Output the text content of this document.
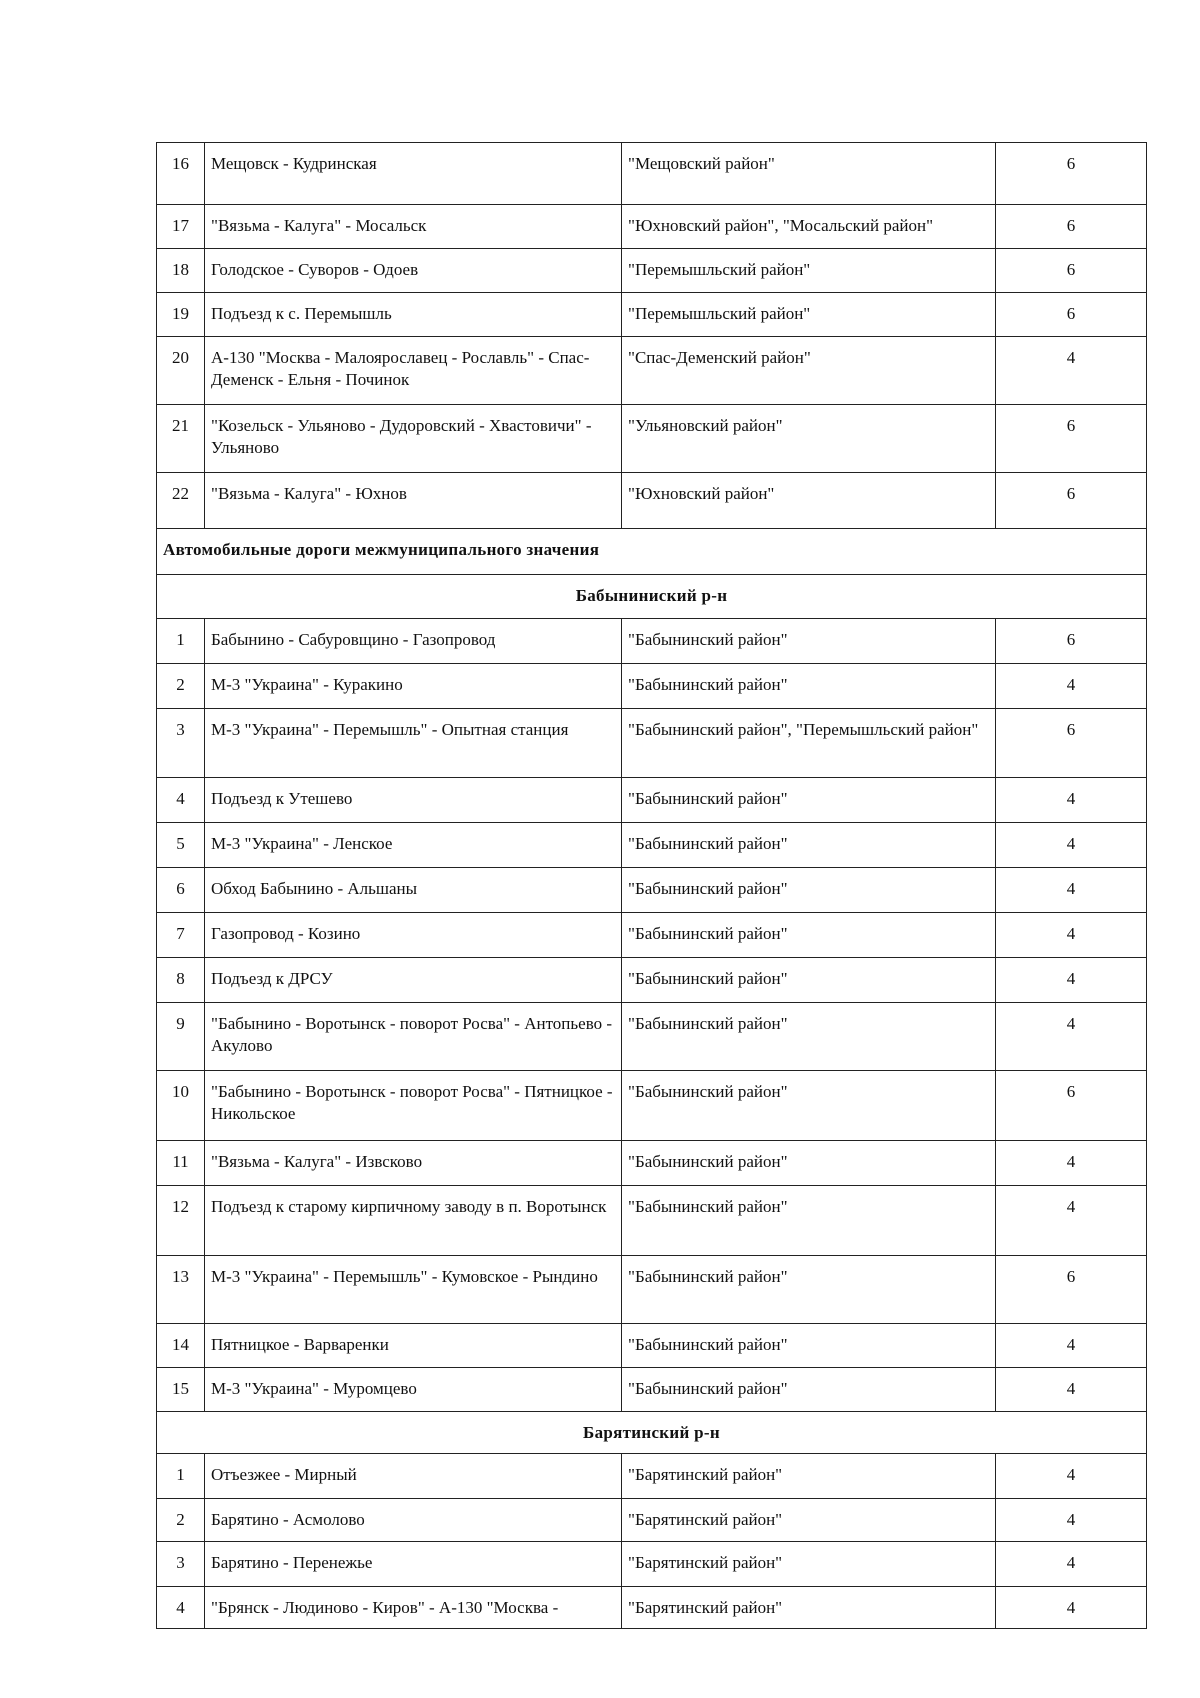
16	Мещовск - Кудринская	"Мещовский район"	6
17	"Вязьма - Калуга" - Мосальск	"Юхновский район", "Мосальский район"	6
18	Голодское - Суворов - Одоев	"Перемышльский район"	6
19	Подъезд к с. Перемышль	"Перемышльский район"	6
20	А-130 "Москва - Малоярославец - Рославль" - Спас-Деменск - Ельня - Починок	"Спас-Деменский район"	4
21	"Козельск - Ульяново - Дудоровский - Хвастовичи" - Ульяново	"Ульяновский район"	6
22	"Вязьма - Калуга" - Юхнов	"Юхновский район"	6
Автомобильные дороги межмуниципального значения			
Бабыниниский р-н			
1	Бабынино - Сабуровщино - Газопровод	"Бабынинский район"	6
2	М-3 "Украина" - Куракино	"Бабынинский район"	4
3	М-3 "Украина" - Перемышль" - Опытная станция	"Бабынинский район", "Перемышльский район"	6
4	Подъезд к Утешево	"Бабынинский район"	4
5	М-3 "Украина" - Ленское	"Бабынинский район"	4
6	Обход Бабынино - Альшаны	"Бабынинский район"	4
7	Газопровод - Козино	"Бабынинский район"	4
8	Подъезд к ДРСУ	"Бабынинский район"	4
9	"Бабынино - Воротынск - поворот Росва" - Антопьево - Акулово	"Бабынинский район"	4
10	"Бабынино - Воротынск - поворот Росва" - Пятницкое - Никольское	"Бабынинский район"	6
11	"Вязьма - Калуга" - Извсково	"Бабынинский район"	4
12	Подъезд к старому кирпичному заводу в п. Воротынск	"Бабынинский район"	4
13	М-3 "Украина" - Перемышль" - Кумовское - Рындино	"Бабынинский район"	6
14	Пятницкое - Варваренки	"Бабынинский район"	4
15	М-3 "Украина" - Муромцево	"Бабынинский район"	4
Барятинский р-н			
1	Отъезжее - Мирный	"Барятинский район"	4
2	Барятино - Асмолово	"Барятинский район"	4
3	Барятино - Перенежье	"Барятинский район"	4
4	"Брянск - Людиново - Киров" - А-130 "Москва -	"Барятинский район"	4
